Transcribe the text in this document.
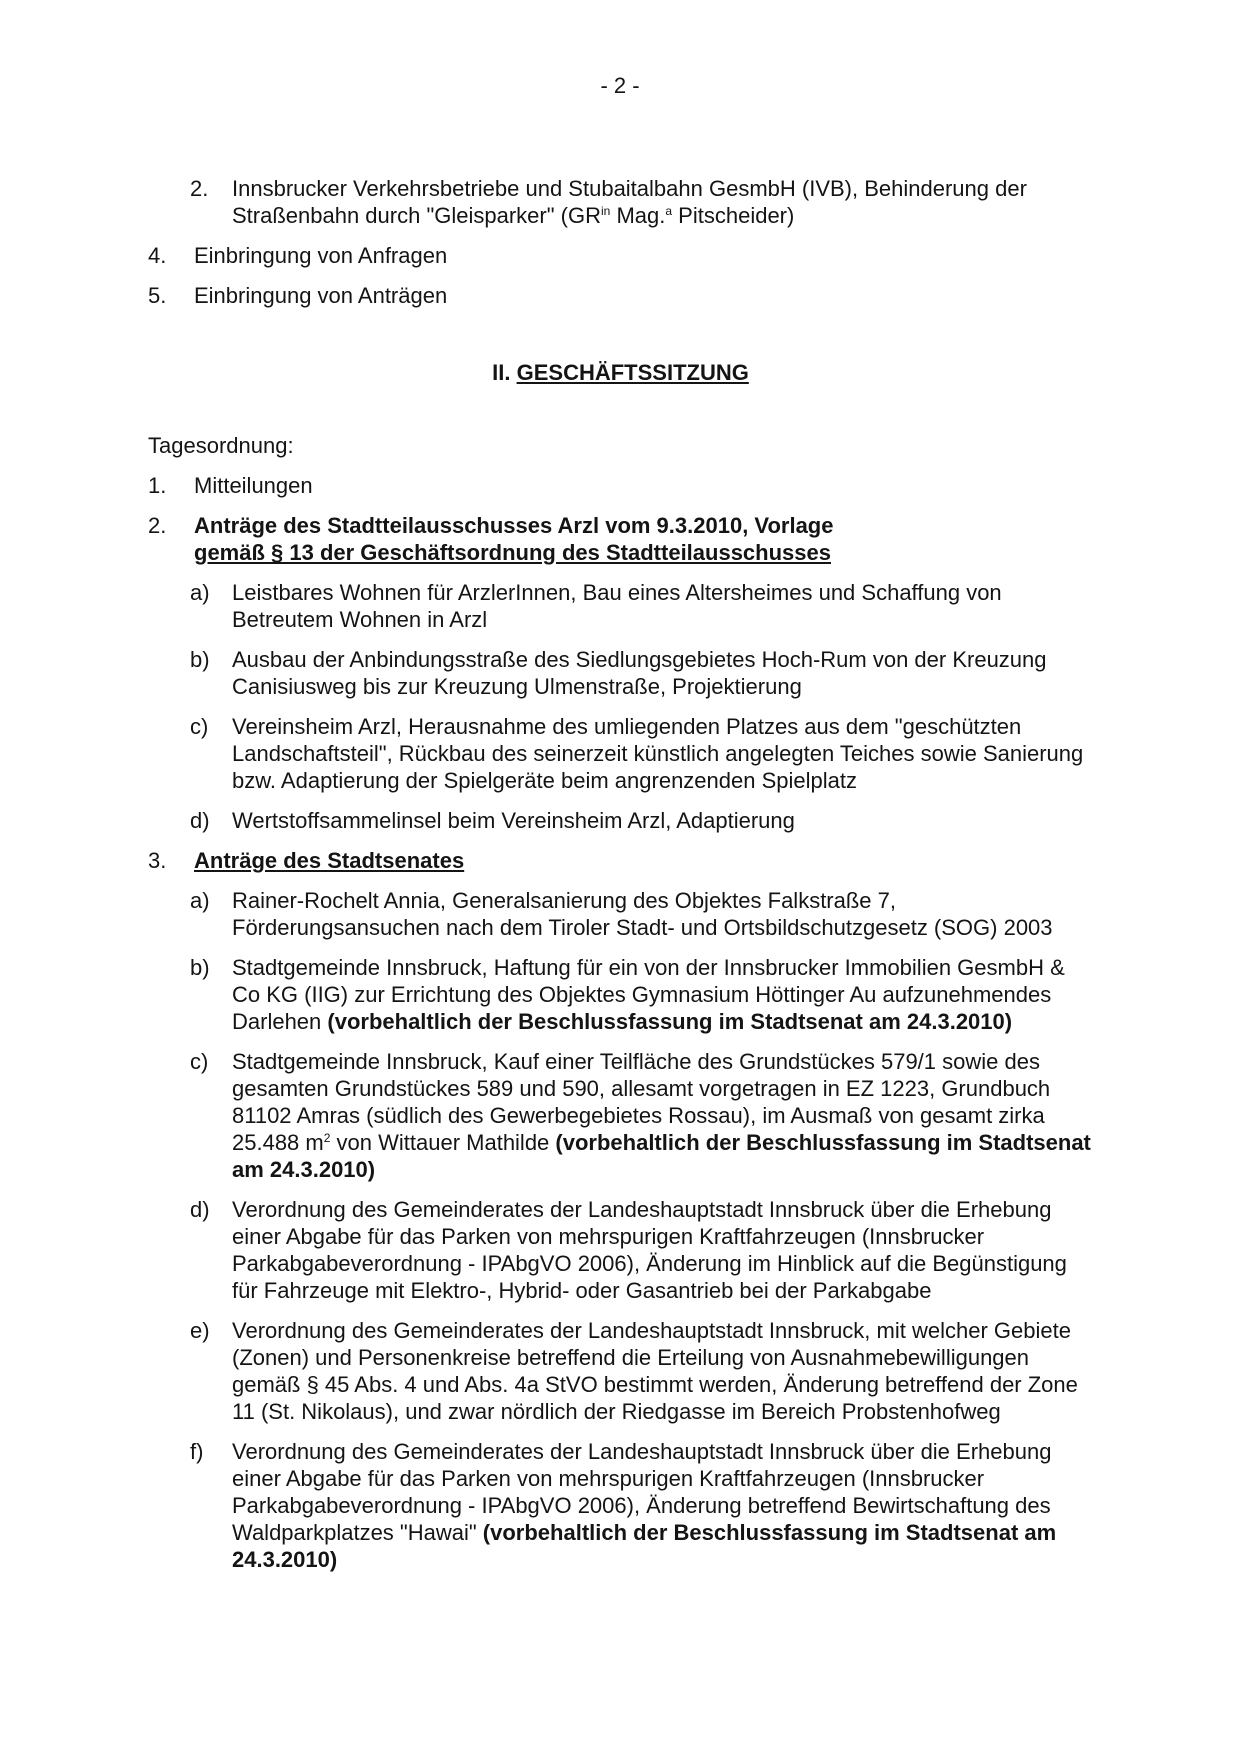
- 2 -
2.	Innsbrucker Verkehrsbetriebe und Stubaitalbahn GesmbH (IVB), Behinderung der Straßenbahn durch "Gleisparker" ($GR^{in}$ Mag.$^a$ Pitscheider)
4.	Einbringung von Anfragen
5.	Einbringung von Anträgen
II. GESCHÄFTSSITZUNG
Tagesordnung:
1.	Mitteilungen
2.	Anträge des Stadtteilausschusses Arzl vom 9.3.2010, Vorlage
gemäß § 13 der Geschäftsordnung des Stadtteilausschusses
a)	Leistbares Wohnen für ArzlerInnen, Bau eines Altersheimes und Schaffung von Betreutem Wohnen in Arzl
b)	Ausbau der Anbindungsstraße des Siedlungsgebietes Hoch-Rum von der Kreuzung Canisiusweg bis zur Kreuzung Ulmenstraße, Projektierung
c)	Vereinsheim Arzl, Herausnahme des umliegenden Platzes aus dem "geschützten Landschaftsteil", Rückbau des seinerzeit künstlich angelegten Teiches sowie Sanierung bzw. Adaptierung der Spielgeräte beim angrenzenden Spielplatz
d)	Wertstoffsammelinsel beim Vereinsheim Arzl, Adaptierung
3.	Anträge des Stadtsenates
a)	Rainer-Rochelt Annia, Generalsanierung des Objektes Falkstraße 7, Förderungsansuchen nach dem Tiroler Stadt- und Ortsbildschutzgesetz (SOG) 2003
b)	Stadtgemeinde Innsbruck, Haftung für ein von der Innsbrucker Immobilien GesmbH & Co KG (IIG) zur Errichtung des Objektes Gymnasium Höttinger Au aufzunehmendes Darlehen (vorbehaltlich der Beschlussfassung im Stadtsenat am 24.3.2010)
c)	Stadtgemeinde Innsbruck, Kauf einer Teilfläche des Grundstückes 579/1 sowie des gesamten Grundstückes 589 und 590, allesamt vorgetragen in EZ 1223, Grundbuch 81102 Amras (südlich des Gewerbegebietes Rossau), im Ausmaß von gesamt zirka 25.488 $m^2$ von Wittauer Mathilde (vorbehaltlich der Beschlussfassung im Stadtsenat am 24.3.2010)
d)	Verordnung des Gemeinderates der Landeshauptstadt Innsbruck über die Erhebung einer Abgabe für das Parken von mehrspurigen Kraftfahrzeugen (Innsbrucker Parkabgabeverordnung - IPAbgVO 2006), Änderung im Hinblick auf die Begünstigung für Fahrzeuge mit Elektro-, Hybrid- oder Gasantrieb bei der Parkabgabe
e)	Verordnung des Gemeinderates der Landeshauptstadt Innsbruck, mit welcher Gebiete (Zonen) und Personenkreise betreffend die Erteilung von Ausnahmebewilligungen gemäß § 45 Abs. 4 und Abs. 4a StVO bestimmt werden, Änderung betreffend der Zone 11 (St. Nikolaus), und zwar nördlich der Riedgasse im Bereich Probstenhofweg
f)	Verordnung des Gemeinderates der Landeshauptstadt Innsbruck über die Erhebung einer Abgabe für das Parken von mehrspurigen Kraftfahrzeugen (Innsbrucker Parkabgabeverordnung - IPAbgVO 2006), Änderung betreffend Bewirtschaftung des Waldparkplatzes "Hawai" (vorbehaltlich der Beschlussfassung im Stadtsenat am 24.3.2010)
